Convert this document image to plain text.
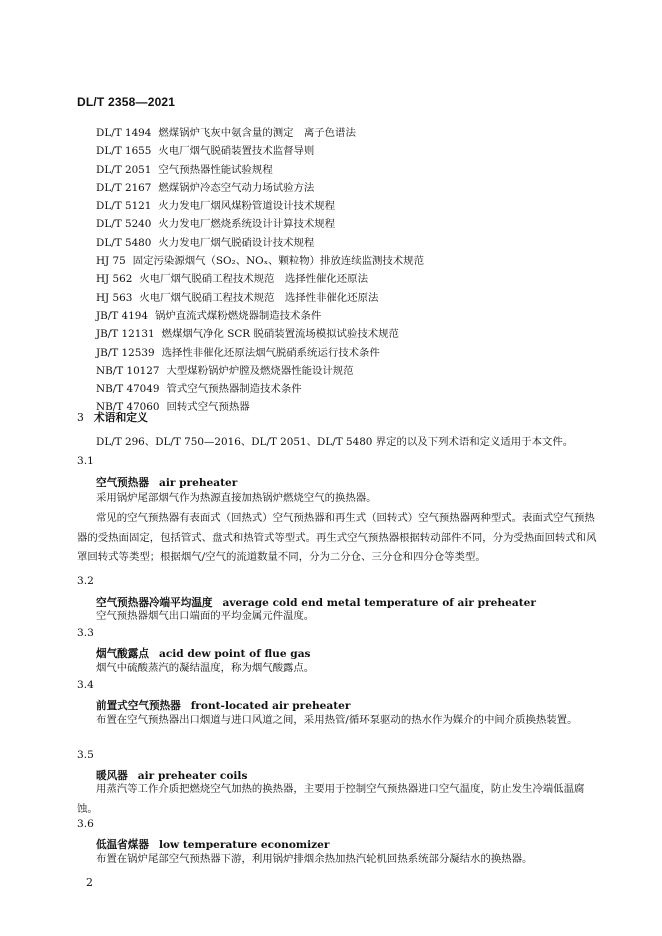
DL/T 2358—2021
DL/T 1494 燃煤锅炉飞灰中氨含量的测定　离子色谱法
DL/T 1655 火电厂烟气脱硝装置技术监督导则
DL/T 2051 空气预热器性能试验规程
DL/T 2167 燃煤锅炉冷态空气动力场试验方法
DL/T 5121 火力发电厂烟风煤粉管道设计技术规程
DL/T 5240 火力发电厂燃烧系统设计计算技术规程
DL/T 5480 火力发电厂烟气脱硝设计技术规程
HJ 75 固定污染源烟气（SO₂、NOₓ、颗粒物）排放连续监测技术规范
HJ 562 火电厂烟气脱硝工程技术规范　选择性催化还原法
HJ 563 火电厂烟气脱硝工程技术规范　选择性非催化还原法
JB/T 4194 锅炉直流式煤粉燃烧器制造技术条件
JB/T 12131 燃煤烟气净化 SCR 脱硝装置流场模拟试验技术规范
JB/T 12539 选择性非催化还原法烟气脱硝系统运行技术条件
NB/T 10127 大型煤粉锅炉炉膛及燃烧器性能设计规范
NB/T 47049 管式空气预热器制造技术条件
NB/T 47060 回转式空气预热器
3 术语和定义
DL/T 296、DL/T 750—2016、DL/T 2051、DL/T 5480 界定的以及下列术语和定义适用于本文件。
3.1
空气预热器 air preheater
采用锅炉尾部烟气作为热源直接加热锅炉燃烧空气的换热器。
常见的空气预热器有表面式（回热式）空气预热器和再生式（回转式）空气预热器两种型式。表面式空气预热器的受热面固定，包括管式、盘式和热管式等型式。再生式空气预热器根据转动部件不同，分为受热面回转式和风罩回转式等类型；根据烟气/空气的流道数量不同，分为二分仓、三分仓和四分仓等类型。
3.2
空气预热器冷端平均温度 average cold end metal temperature of air preheater
空气预热器烟气出口端面的平均金属元件温度。
3.3
烟气酸露点 acid dew point of flue gas
烟气中硫酸蒸汽的凝结温度，称为烟气酸露点。
3.4
前置式空气预热器 front-located air preheater
布置在空气预热器出口烟道与进口风道之间，采用热管/循环泵驱动的热水作为媒介的中间介质换热装置。
3.5
暖风器 air preheater coils
用蒸汽等工作介质把燃烧空气加热的换热器，主要用于控制空气预热器进口空气温度，防止发生冷端低温腐蚀。
3.6
低温省煤器 low temperature economizer
布置在锅炉尾部空气预热器下游，利用锅炉排烟余热加热汽轮机回热系统部分凝结水的换热器。
2
